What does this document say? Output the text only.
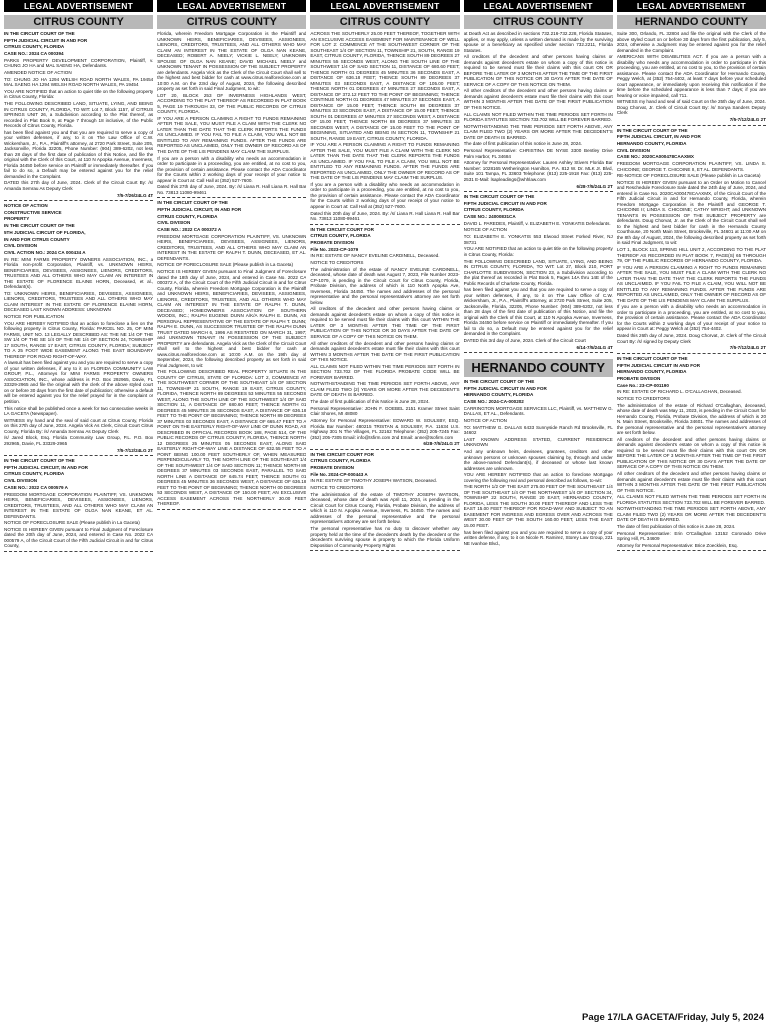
LEGAL ADVERTISEMENT	LEGAL ADVERTISEMENT	LEGAL ADVERTISEMENT	LEGAL ADVERTISEMENT	LEGAL ADVERTISEMENT
CITRUS COUNTY

IN THE CIRCUIT COURT OF THE

FIFTH JUDICIAL CIRCUIT IN AND FOR

CITRUS COUNTY, FLORIDA

CASE NO.: 2024 CA 000394

PARKS PROPERTY DEVELOPMENT CORPORATION, Plaintiff, v. CHUNG JO HA and MAL SAENG HA, Defendants.

AMENDED NOTICE OF ACTION

TO: CHUNG JO HA 1294 WELSH ROAD NORTH WALES, PA 19454 MAL SAENG HA 1294 WELSH ROAD NORTH WALES, PA 19454

YOU ARE NOTIFIED that an action to quiet title on the following property in Citrus County, Florida:

THE FOLLOWING DESCRIBED LAND, SITUATE, LYING, AND BEING IN CITRUS COUNTY, FLORIDA, TO WIT: Lot 7, Block 1157, of CITRUS SPRINGS UNIT 26, a Subdivision according to the Plat thereof, as recorded in Plat Book 9, at Page 7 through 18 inclusive, of the Public Records of Citrus County, Florida.

has been filed against you and that you are required to serve a copy of your written defenses, if any, to it on The Law Office of C.W. Wickersham, Jr., P.A., Plaintiff's attorney, at 2720 Park Street, Suite 205, Jacksonville, Florida 32205, Phone Number: (904) 389-6202, not less than 28 days of the first date of publication of this Notice, and file the original with the Clerk of this Court, at 110 N Apopka Avenue, Inverness, Florida 34450 before service on Plaintiff or immediately thereafter. If you fail to do so, a Default may be entered against you for the relief demanded in the Complaint.

DATED this 27th day of June, 2024. Clerk of the Circuit Court By: /s/ Amanda Semrau As Deputy Clerk

7/5-7/26/24LG 4T

NOTICE OF ACTION

CONSTRUCTIVE SERVICE

PROPERTY

IN THE CIRCUIT COURT OF THE

5TH JUDICIAL CIRCUIT OF FLORIDA,

IN AND FOR CITRUS COUNTY

CIVIL DIVISION

CIVIL ACTION NO.: 2024 CA 000434 A

IN RE: MINI FARMS PROPERTY OWNERS ASSOCIATION, INC., a Florida non-profit Corporation, Plaintiff, vs. UNKNOWN HEIRS, BENEFICIARIES, DEVISEES, ASSIGNEES, LIENORS, CREDITORS, TRUSTEES AND ALL OTHERS WHO MAY CLAIM AN INTEREST IN THE ESTATE OF FLORENCE ELAINE HORN, Deceased, et al., Defendant(s).

TO: UNKNOWN HEIRS, BENEFICIARIES, DEVISEES, ASSIGNEES, LIENORS, CREDITORS, TRUSTEES AND ALL OTHERS WHO MAY CLAIM INTEREST IN THE ESTATE OF FLORENCE ELAINE HORN, DECEASED LAST KNOWN ADDRESS: UNKNOWN

NOTICE FOR PUBLICATION

YOU ARE HEREBY NOTIFIED that an action to foreclose a lien on the following property in Citrus County, Florida: PARCEL NO. 25, OF MINI FARMS, UNIT NO. 13 LEGALLY DESCRIBED AS: THE NE 1/4 OF THE SW 1/4 OF THE SE 1/4 OF THE NE 1/4 OF SECTION 24, TOWNSHIP 17 SOUTH, RANGE 17 EAST, CITRUS COUNTY, FLORIDA; SUBJECT TO A 25 FOOT WIDE EASEMENT ALONG THE EAST BOUNDARY THEREOF FOR ROAD RIGHT-OF-WAY.

A lawsuit has been filed against you and you are required to serve a copy of your written defenses, if any to it on FLORIDA COMMUNITY LAW GROUP, P.L., Attorneys for MINI FARMS PROPERTY OWNERS ASSOCIATION, INC., whose address is P.O. Box 292965, Davie, FL 33329-2965 and file the original with the clerk of the above styled court on or before 30 days from the first date of publication; otherwise a default will be entered against you for the relief prayed for in the complaint or petition.

This notice shall be published once a week for two consecutive weeks in LA GACETA (Newspaper).

WITNESS my hand and the seal of said court at Citrus County, Florida on this 27th day of June, 2024. Angela Vick As Clerk, Circuit Court Citrus County, Florida By: /s/ Amanda Semrau As Deputy Clerk

/s/ Jared Block, Esq. Florida Community Law Group, P.L. P.O. Box 292965, Davie, FL 33329-2965

7/5-7/12/24LG 2T

IN THE CIRCUIT COURT OF THE

FIFTH JUDICIAL CIRCUIT, IN AND FOR

CITRUS COUNTY, FLORIDA

CIVIL DIVISION

CASE NO.: 2022 CA 000579 A

FREEDOM MORTGAGE CORPORATION PLAINTIFF, VS. UNKNOWN HEIRS, BENEFICIARIES, DEVISEES, ASSIGNEES, LIENORS, CREDITORS, TRUSTEES, AND ALL OTHERS WHO MAY CLAIM AN INTEREST IN THE ESTATE OF OLGA NAN KEANE, ET AL. DEFENDANTS.

NOTICE OF FORECLOSURE SALE (Please publish in La Gaceta)

NOTICE IS HEREBY GIVEN pursuant to Final Judgment of Foreclosure dated the 20th day of June, 2024, and entered in Case No. 2022 CA 000579 A, of the Circuit Court of the Fifth Judicial Circuit in and for Citrus County,

CITRUS COUNTY

Florida, wherein Freedom Mortgage Corporation is the Plaintiff and UNKNOWN HEIRS, BENEFICIARIES, DEVISEES, ASSIGNEES, LIENORS, CREDITORS, TRUSTEES, AND ALL OTHERS WHO MAY CLAIM AN INTEREST IN THE ESTATE OF OLGA NAN KEANE, DECEASED; ROBERT A. NEELY; VICKIE L. NEELY; UNKNOWN SPOUSE OF OLGA NAN KEANE; DAVID MICHAEL NEELY and UNKNOWN TENANT IN POSSESSION OF THE SUBJECT PROPERTY are defendants. Angela Vick as the Clerk of the Circuit Court shall sell to the highest and best bidder for cash at www.citrus.realforeclose.com at 10:00 A.M. on the 23rd day of August, 2024, the following described property as set forth in said Final Judgment, to wit:

LOT 20, BLOCK 253 OF INVERNESS HIGHLANDS WEST, ACCORDING TO THE PLAT THEREOF AS RECORDED IN PLAT BOOK 5, PAGE 19 THROUGH 33, OF THE PUBLIC RECORDS OF CITRUS COUNTY, FLORIDA.

IF YOU ARE A PERSON CLAIMING A RIGHT TO FUNDS REMAINING AFTER THE SALE, YOU MUST FILE A CLAIM WITH THE CLERK NO LATER THAN THE DATE THAT THE CLERK REPORTS THE FUNDS AS UNCLAIMED. IF YOU FAIL TO FILE A CLAIM, YOU WILL NOT BE ENTITLED TO ANY REMAINING FUNDS. AFTER THE FUNDS ARE REPORTED AS UNCLAIMED, ONLY THE OWNER OF RECORD AS OF THE DATE OF THE LIS PENDENS MAY CLAIM THE SURPLUS.

If you are a person with a disability who needs an accommodation in order to participate in a proceeding, you are entitled, at no cost to you, the provision of certain assistance. Please contact the ADA Coordinator for the Courts within 2 working days of your receipt of your notice to appear in Court at: Call Hall at (352) 527-7600.

Dated this 27th day of June, 2024. By: /s/ Liana R. Hall Liana R. Hall Bar No. 73813 11080-99461

IN THE CIRCUIT COURT OF THE

FIFTH JUDICIAL CIRCUIT, IN AND FOR

CITRUS COUNTY, FLORIDA

CIVIL DIVISION

CASE NO.: 2022 CA 000372 A

FREEDOM MORTGAGE CORPORATION PLAINTIFF, VS. UNKNOWN HEIRS, BENEFICIARIES, DEVISEES, ASSIGNEES, LIENORS, CREDITORS, TRUSTEES, AND ALL OTHERS WHO MAY CLAIM AN INTEREST IN THE ESTATE OF RALPH T. DUNN, DECEASED, ET AL. DEFENDANTS.

NOTICE OF FORECLOSURE SALE (Please publish in La Gaceta)

NOTICE IS HEREBY GIVEN pursuant to Final Judgment of Foreclosure dated the 18th day of June, 2024, and entered in Case No. 2022 CA 000372 A, of the Circuit Court of the Fifth Judicial Circuit in and for Citrus County, Florida, wherein Freedom Mortgage Corporation is the Plaintiff and UNKNOWN HEIRS, BENEFICIARIES, DEVISEES, ASSIGNEES, LIENORS, CREDITORS, TRUSTEES, AND ALL OTHERS WHO MAY CLAIM AN INTEREST IN THE ESTATE OF RALPH T. DUNN, DECEASED; HOMEOWNERS ASSOCIATION OF SOUTHERN WOODS, INC.; RALPH EUGENE DUNN A/K/A RALPH E. DUNN, AS PERSONAL REPRESENTATIVE OF THE ESTATE OF RALPH T. DUNN; RALPH E. DUNN, AS SUCCESSOR TRUSTEE OF THE RALPH DUNN TRUST DATED MARCH 6, 1996 AS RESTATED ON MARCH 31, 1997; and UNKNOWN TENANT IN POSSESSION OF THE SUBJECT PROPERTY are defendants. Angela Vick as the Clerk of the Circuit Court shall sell to the highest and best bidder for cash at www.citrus.realforeclose.com at 10:00 A.M. on the 19th day of September, 2024, the following described property as set forth in said Final Judgment, to wit:

THE FOLLOWING DESCRIBED REAL PROPERTY SITUATE IN THE COUNTY OF CITRUS, STATE OF FLORIDA: LOT 2, COMMENCE AT THE SOUTHWEST CORNER OF THE SOUTHEAST 1/4 OF SECTION 11, TOWNSHIP 21 SOUTH, RANGE 19 EAST, CITRUS COUNTY, FLORIDA, THENCE NORTH 89 DEGREES 53 MINUTES 55 SECONDS WEST, ALONG THE SOUTH LINE OF THE SOUTHWEST 1/4 OF SAID SECTION 11, A DISTANCE OF 680.60 FEET; THENCE NORTH 01 DEGREES 45 MINUTES 36 SECONDS EAST, A DISTANCE OF 636.18 FEET TO THE POINT OF BEGINNING; THENCE NORTH 89 DEGREES 37 MINUTES 03 SECONDS EAST, A DISTANCE OF 665.47 FEET TO A POINT ON THE EASTERLY RIGHT-OF-WAY LINE OF DUNN ROAD, AS DESCRIBED IN OFFICIAL RECORDS BOOK 188, PAGE 514, OF THE PUBLIC RECORDS OF CITRUS COUNTY, FLORIDA, THENCE NORTH 12 DEGREES 25 MINUTES 05 SECONDS EAST, ALONG SAID EASTERLY RIGHT-OF-WAY LINE A DISTANCE OF 632.55 FEET TO A POINT BEING 100.00 FEET SOUTHERLY OF, WHEN MEASURED PERPENDICULARLY TO, THE NORTH LINE OF THE SOUTHEAST 1/4 OF THE SOUTHWEST 1/4 OF SAID SECTION 11; THENCE NORTH 89 DEGREES 37 MINUTES 03 SECONDS EAST, PARALLEL TO SAID NORTH LINE A DISTANCE OF 645.74 FEET; THENCE SOUTH 01 DEGREES 45 MINUTES 36 SECONDS WEST, A DISTANCE OF 636.18 FEET TO THE POINT OF BEGINNING; THENCE NORTH 00 DEGREES 53 SECONDS WEST, A DISTANCE OF 150.00 FEET; AN EXCLUSIVE ACCESS EASEMENT ACROSS THE NORTHERLY 30.00 FEET THEREOF.

CITRUS COUNTY

ACROSS THE SOUTHERLY 25.00 FEET THEREOF, TOGETHER WITH AN EXCLUSIVE ACCESS EASEMENT FOR MAINTENANCE OF WELL FOR LOT 2: COMMENCE AT THE SOUTHWEST CORNER OF THE SOUTHEAST 1/4 OF SECTION 11, TOWNSHIP 21, SOUTH, RANGE 19 EAST, CITRUS COUNTY, FLORIDA, THENCE SOUTH 89 DEGREES 27 MINUTES 55 SECONDS WEST, ALONG THE SOUTH LINE OF THE SOUTHWEST 1/4 OF SAID SECTION 11, DISTANCE OF 680.60 FEET; THENCE NORTH 01 DEGREES 45 MINUTES 36 SECONDS EAST, A DISTANCE OF 636.18 FEET; THENCE SOUTH 89 DEGREES 37 MINUTES 03 SECONDS EAST, A DISTANCE OF 105.00 FEET; THENCE NORTH 01 DEGREES 47 MINUTES 27 SECONDS EAST, A DISTANCE OF 372.12 FEET TO THE POINT OF BEGINNING; THENCE CONTINUE NORTH 01 DEGREES 47 MINUTES 27 SECONDS EAST, A DISTANCE OF 15.00 FEET; THENCE SOUTH 88 DEGREES 37 MINUTES 33 SECONDS EAST, A DISTANCE OF 15.00 FEET; THENCE SOUTH 01 DEGREES 47 MINUTES 27 SECONDS WEST, A DISTANCE OF 15.00 FEET; THENCE NORTH 88 DEGREES 37 MINUTES 33 SECONDS WEST, A DISTANCE OF 15.00 FEET TO THE POINT OF BEGINNING, SITUATED AND BEING IN SECTION 11, TOWNSHIP 21 SOUTH, RANGE 19 EAST, CITRUS COUNTY, FLORIDA.

IF YOU ARE A PERSON CLAIMING A RIGHT TO FUNDS REMAINING AFTER THE SALE, YOU MUST FILE A CLAIM WITH THE CLERK NO LATER THAN THE DATE THAT THE CLERK REPORTS THE FUNDS AS UNCLAIMED. IF YOU FAIL TO FILE A CLAIM, YOU WILL NOT BE ENTITLED TO ANY REMAINING FUNDS. AFTER THE FUNDS ARE REPORTED AS UNCLAIMED, ONLY THE OWNER OF RECORD AS OF THE DATE OF THE LIS PENDENS MAY CLAIM THE SURPLUS.

If you are a person with a disability who needs an accommodation in order to participate in a proceeding, you are entitled, at no cost to you, the provision of certain assistance. Please contact the ADA Coordinator for the Courts within 2 working days of your receipt of your notice to appear in Court at: Call Hall at (352) 527-7600.

Dated this 20th day of June, 2024. By: /s/ Liana R. Hall Liana R. Hall Bar No. 73813 11080-99461

IN THE CIRCUIT COURT FOR

CITRUS COUNTY, FLORIDA

PROBATE DIVISION

File No. 2023-CP-1079

IN RE: ESTATE OF NANCY EVELINE CARDINELL, Deceased.

NOTICE TO CREDITORS

The administration of the estate of NANCY EVELINE CARDINELL, deceased, whose date of death was August 7, 2023, File Number 2023-CP-1079, is pending in the Circuit Court for Citrus County, Florida, Probate Division, the address of which is 110 North Apopka Ave, Inverness, Florida 34450. The names and addresses of the personal representative and the personal representative's attorney are set forth below.

All creditors of the decedent and other persons having claims or demands against decedent's estate on whom a copy of this notice is required to be served must file their claims with this court WITHIN THE LATER OF 3 MONTHS AFTER THE TIME OF THE FIRST PUBLICATION OF THIS NOTICE OR 30 DAYS AFTER THE DATE OF SERVICE OF A COPY OF THIS NOTICE ON THEM.

All other creditors of the decedent and other persons having claims or demands against decedent's estate must file their claims with this court WITHIN 3 MONTHS AFTER THE DATE OF THE FIRST PUBLICATION OF THIS NOTICE.

ALL CLAIMS NOT FILED WITHIN THE TIME PERIODS SET FORTH IN SECTION 733.702 OF THE FLORIDA PROBATE CODE WILL BE FOREVER BARRED.

NOTWITHSTANDING THE TIME PERIODS SET FORTH ABOVE, ANY CLAIM FILED TWO (2) YEARS OR MORE AFTER THE DECEDENT'S DATE OF DEATH IS BARRED.

The date of first publication of this Notice is June 28, 2024.

Personal Representative: JOHN F. GOEBEL 2151 Kramer Street Saint Clair Shores, MI 48080

Attorney for Personal Representative: EDWARD W. SOULSBY, ESQ. Florida Bar Number: 480215 TRISTAN & SOULSBY, P.A. 11634 U.S. Highway 301 N The Villages, FL 32162 Telephone: (352) 205-7245 Fax: (352) 205-7305 Email: info@tsfirm.com 2nd Email: anne@tsofirm.com

6/28-7/5/24LG 2T

IN THE CIRCUIT COURT FOR

CITRUS COUNTY, FLORIDA

PROBATE DIVISION

File No. 2024-CP-000443 A

IN RE: ESTATE OF TIMOTHY JOSEPH WATSON, Deceased.

NOTICE TO CREDITORS

The administration of the estate of TIMOTHY JOSEPH WATSON, deceased, whose date of death was April 11, 2024, is pending in the Circuit Court for Citrus County, Florida, Probate Division, the address of which is 110 N. Apopka Avenue, Inverness, FL 34450. The names and addresses of the personal representative and the personal representative's attorney are set forth below.

The personal representative has no duty to discover whether any property held at the time of the decedent's death by the decedent or the decedent's surviving spouse is property to which the Florida Uniform Disposition of Community Property Rights

CITRUS COUNTY

at Death Act as described in sections 732.216-732.228, Florida Statutes, applies, or may apply, unless a written demand is made by the surviving spouse or a beneficiary as specified under section 732.2211, Florida Statutes.

All creditors of the decedent and other persons having claims or demands against decedent's estate on whom a copy of this notice is required to be served must file their claims with this court ON OR BEFORE THE LATER OF 3 MONTHS AFTER THE TIME OF THE FIRST PUBLICATION OF THIS NOTICE OR 30 DAYS AFTER THE DATE OF SERVICE OF A COPY OF THIS NOTICE ON THEM.

All other creditors of the decedent and other persons having claims or demands against decedent's estate must file their claims with this court WITHIN 3 MONTHS AFTER THE DATE OF THE FIRST PUBLICATION OF THIS NOTICE.

ALL CLAIMS NOT FILED WITHIN THE TIME PERIODS SET FORTH IN FLORIDA STATUTES SECTION 733.702 WILL BE FOREVER BARRED.

NOTWITHSTANDING THE TIME PERIODS SET FORTH ABOVE, ANY CLAIM FILED TWO (2) YEARS OR MORE AFTER THE DECEDENT'S DATE OF DEATH IS BARRED.

The date of first publication of this notice is June 28, 2024.

Personal Representative: CHRISTINA DE NYSE 3300 Bentley Drive Palm Harbor, FL 34684

Attorney for Personal Representative: Lauren Ashley Stivers Florida Bar Number: 1028165 Wetherington Hamilton, P.A. 812 W. Dr. MLK Jr. Blvd, Suite 101 Tampa, FL 33603 Telephone: (813) 225-1918 Fax: (813) 225-2531 E-Mail: lsapleadings@whhlaw.com

6/28-7/5/24LG 2T

IN THE CIRCUIT COURT OF THE

FIFTH JUDICIAL CIRCUIT IN AND FOR

CITRUS COUNTY, FLORIDA

CASE NO.: 24000831CA

DAVID L. PAREDES, Plaintiff, v. ELIZABETH E. YONKATIS Defendants.

NOTICE OF ACTION

TO: ELIZABETH E. YONKATIS 553 Elwood Street Forked River, NJ 08731

YOU ARE NOTIFIED that an action to quiet title on the following property in Citrus County, Florida:

THE FOLLOWING DESCRIBED LAND, SITUATE, LYING, AND BEING IN CITRUS COUNTY, FLORIDA, TO WIT: Lot 27, Block 210, PORT CHARLOTTE SUBDIVISION, SECTION 23, a Subdivision according to the plat thereof as recorded in Plat Book 5, Pages 14A thru 14E of the Public Records of Charlotte County, Florida.

has been filed against you and that you are required to serve a copy of your written defenses, if any, to it on The Law Office of C.W. Wickersham, Jr., P.A., Plaintiff's attorney, at 2720 Park Street, Suite 205, Jacksonville, Florida, 32205, Phone Number: (904) 389-6202, not less than 28 days of the first date of publication of this Notice, and file the original with the Clerk of this Court, at 110 N Apopka Avenue, Inverness, Florida 34450 before service on Plaintiff or immediately thereafter. If you fail to do so, a Default may be entered against you for the relief demanded in the Complaint.

DATED this 3rd day of June, 2024. Clerk of the Circuit Court

6/14-7/5/24LG 4T

HERNANDO COUNTY

IN THE CIRCUIT COURT OF THE

FIFTH JUDICIAL CIRCUIT IN AND FOR

HERNANDO COUNTY, FLORIDA

CASE NO.: 2024-CA-000202

CARRINGTON MORTGAGE SERVICES LLC, Plaintiff, vs. MATTHEW G. DALLAS, ET AL., Defendants.

NOTICE OF ACTION

TO: MATTHEW G. DALLAS 6433 Sunnyside Ranch Rd Brooksville, FL 34602

LAST KNOWN ADDRESS STATED, CURRENT RESIDENCE UNKNOWN

And any unknown heirs, devisees, grantees, creditors and other unknown persons or unknown spouses claiming by, through and under the above-named Defendant(s), if deceased or whose last known addresses are unknown.

YOU ARE HEREBY NOTIFIED that an action to foreclose Mortgage covering the following real and personal described as follows, to-wit:

THE NORTH 1/2 OF THE EAST 275.00 FEET OF THE SOUTHEAST 1/4 OF THE SOUTHEAST 1/4 OF THE NORTHWEST 1/4 OF SECTION 34, TOWNSHIP 22 SOUTH, RANGE 20 EAST, HERNANDO COUNTY, FLORIDA, LESS THE SOUTH 30.00 FEET THEREOF AND LESS THE EAST 15.00 FEET THEREOF FOR ROAD-WAY AND SUBJECT TO AN EASEMENT FOR INGRESS AND EGRESS OVER AND ACROSS THE WEST 30.00 FEET OF THE SOUTH 160.00 FEET, LESS THE EAST 15.00 FEET.

has been filed against you and you are required to serve a copy of your written defense, if any, to it on Nicole R. Ramirez, Storey Law Group, 221 NE Ivanhoe Blvd.,

HERNANDO COUNTY

Suite 300, Orlando, FL 32804 and file the original with the Clerk of the above styled Court on or before 30 days from the first publication, July 5, 2024, otherwise a Judgment may be entered against you for the relief demanded in the Complaint.

AMERICANS WITH DISABILITIES ACT. If you are a person with a disability who needs any accommodation in order to participate in this proceeding, you are entitled, at no cost to you, to the provision of certain assistance. Please contact the ADA Coordinator for Hernando County, Peggy Welch, at (352) 754-4402, at least 7 days before your scheduled court appearance, or immediately upon receiving this notification if the time before the scheduled appearance is less than 7 days; if you are hearing or voice impaired, call 711.

WITNESS my hand and seal of said Court on the 25th day of June, 2024. Doug Chorvat, Jr. Clerk of Circuit Court By: /s/ Sonya Sanders Deputy Clerk

7/5-7/12/24LG 2T

IN THE CIRCUIT COURT OF THE

FIFTH JUDICIAL CIRCUIT, IN AND FOR

HERNANDO COUNTY, FLORIDA

CIVIL DIVISION

CASE NO.: 2020CA000478CAAXMX

FREEDOM MORTGAGE CORPORATION PLAINTIFF, VS. LINDA S. CHICOINE; GEORGE T. CHICOINE II, ET AL. DEFENDANTS.

RE-NOTICE OF FORECLOSURE SALE (Please publish in La Gaceta)

NOTICE IS HEREBY GIVEN pursuant to an Order on Motion to Cancel and Reschedule Foreclosure Sale dated the 24th day of June, 2024, and entered in Case No. 2020CA000478CAAXMX, of the Circuit Court of the Fifth Judicial Circuit in and for Hernando County, Florida, wherein Freedom Mortgage Corporation is the Plaintiff and GEORGE T. CHICOINE II; LINDA S. CHICOINE; CATHY WRIGHT; and UNKNOWN TENANTS IN POSSESSION OF THE SUBJECT PROPERTY are defendants. Doug Chorvat, Jr. as the Clerk of the Circuit Court shall sell to the highest and best bidder for cash in the Hernando County Courthouse, 20 North Main Street, Brooksville, FL 34601 at 11:00 AM on the 8th day of August, 2024, the following described property as set forth in said Final Judgment, to wit:

LOT 1, BLOCK 113, SPRING HILL UNIT 2, ACCORDING TO THE PLAT THEREOF AS RECORDED IN PLAT BOOK 7, PAGE(S) 65 THROUGH 79, OF THE PUBLIC RECORDS OF HERNANDO COUNTY, FLORIDA.

IF YOU ARE A PERSON CLAIMING A RIGHT TO FUNDS REMAINING AFTER THE SALE, YOU MUST FILE A CLAIM WITH THE CLERK NO LATER THAN THE DATE THAT THE CLERK REPORTS THE FUNDS AS UNCLAIMED. IF YOU FAIL TO FILE A CLAIM, YOU WILL NOT BE ENTITLED TO ANY REMAINING FUNDS. AFTER THE FUNDS ARE REPORTED AS UNCLAIMED, ONLY THE OWNER OF RECORD AS OF THE DATE OF THE LIS PENDENS MAY CLAIM THE SURPLUS.

If you are a person with a disability who needs an accommodation in order to participate in a proceeding, you are entitled, at no cost to you, the provision of certain assistance. Please contact the ADA Coordinator for the Courts within 2 working days of your receipt of your notice to appear in Court at: Peggy Welch at (352) 754-4402.

Dated this 26th day of June, 2024. Doug Chorvat, Jr. Clerk of The Circuit Court By: /s/ signed by Deputy Clerk

7/5-7/12/24LG 2T

IN THE CIRCUIT COURT OF THE

FIFTH JUDICIAL CIRCUIT IN AND FOR

HERNANDO COUNTY, FLORIDA

PROBATE DIVISION

Case No.: 23-CP-001190

IN RE: ESTATE OF RICHARD L. O'CALLAGHAN, Deceased.

NOTICE TO CREDITORS

The administration of the estate of Richard O'Callaghan, deceased, whose date of death was May 11, 2023, is pending in the Circuit Court for Hernando County, Florida, Probate Division, the address of which is 20 N. Main Street, Brooksville, Florida 34601. The names and addresses of the personal representative and the personal representative's attorney are set forth below.

All creditors of the decedent and other persons having claims or demands against decedent's estate on whom a copy of this notice is required to be served must file their claims with this court ON OR BEFORE THE LATER OF 3 MONTHS AFTER THE TIME OF THE FIRST PUBLICATION OF THIS NOTICE OR 30 DAYS AFTER THE DATE OF SERVICE OF A COPY OF THIS NOTICE ON THEM.

All other creditors of the decedent and other persons having claims or demands against decedent's estate must file their claims with this court WITHIN 3 MONTHS AFTER THE DATE OF THE FIRST PUBLICATION OF THIS NOTICE.

ALL CLAIMS NOT FILED WITHIN THE TIME PERIODS SET FORTH IN FLORIDA STATUTES SECTION 733.702 WILL BE FOREVER BARRED.

NOTWITHSTANDING THE TIME PERIODS SET FORTH ABOVE, ANY CLAIM FILED TWO (2) YEARS OR MORE AFTER THE DECEDENT'S DATE OF DEATH IS BARRED.

The date of first publication of this notice is June 28, 2024.

Personal Representative: Erin O'Callaghan 13152 Coronado Drive Spring Hill, FL 34609

Attorney for Personal Representative: Brice Zoecklein, Esq.

Page 17/LA GACETA/Friday, July 5, 2024
